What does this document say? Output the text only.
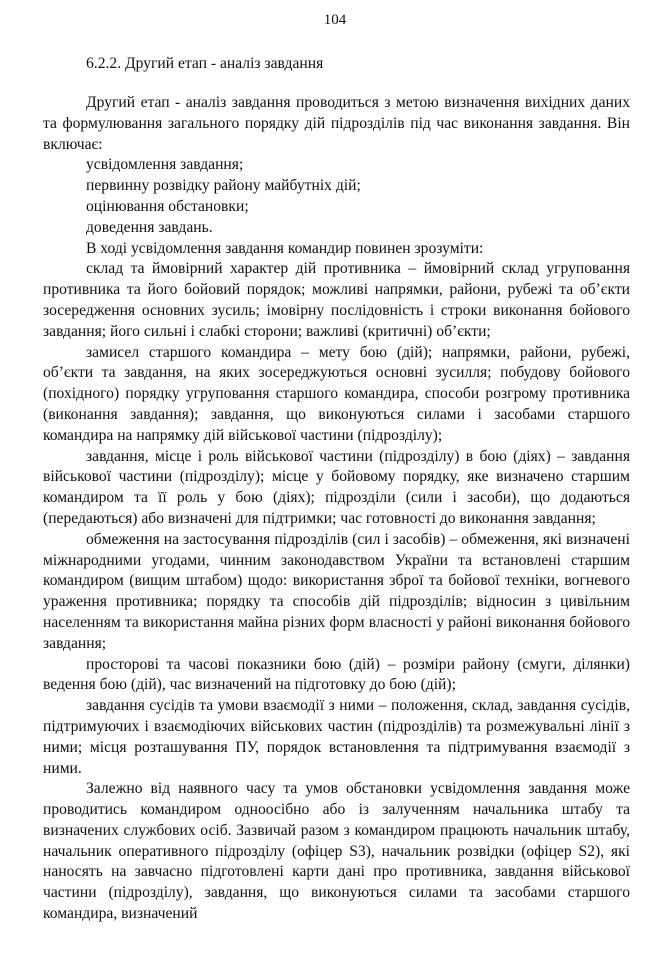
104
6.2.2. Другий етап - аналіз завдання

Другий етап - аналіз завдання проводиться з метою визначення вихідних даних та формулювання загального порядку дій підрозділів під час виконання завдання. Він включає:

усвідомлення завдання;

первинну розвідку району майбутніх дій;

оцінювання обстановки;

доведення завдань.

В ході усвідомлення завдання командир повинен зрозуміти:

склад та ймовірний характер дій противника – ймовірний склад угруповання противника та його бойовий порядок; можливі напрямки, райони, рубежі та об’єкти зосередження основних зусиль; імовірну послідовність і строки виконання бойового завдання; його сильні і слабкі сторони; важливі (критичні) об’єкти;

замисел старшого командира – мету бою (дій); напрямки, райони, рубежі, об’єкти та завдання, на яких зосереджуються основні зусилля; побудову бойового (похідного) порядку угруповання старшого командира, способи розгрому противника (виконання завдання); завдання, що виконуються силами і засобами старшого командира на напрямку дій військової частини (підрозділу);

завдання, місце і роль військової частини (підрозділу) в бою (діях) – завдання військової частини (підрозділу); місце у бойовому порядку, яке визначено старшим командиром та її роль у бою (діях); підрозділи (сили і засоби), що додаються (передаються) або визначені для підтримки; час готовності до виконання завдання;

обмеження на застосування підрозділів (сил і засобів) – обмеження, які визначені міжнародними угодами, чинним законодавством України та встановлені старшим командиром (вищим штабом) щодо: використання зброї та бойової техніки, вогневого ураження противника; порядку та способів дій підрозділів; відносин з цивільним населенням та використання майна різних форм власності у районі виконання бойового завдання;

просторові та часові показники бою (дій) – розміри району (смуги, ділянки) ведення бою (дій), час визначений на підготовку до бою (дій);

завдання сусідів та умови взаємодії з ними – положення, склад, завдання сусідів, підтримуючих і взаємодіючих військових частин (підрозділів) та розмежувальні лінії з ними; місця розташування ПУ, порядок встановлення та підтримування взаємодії з ними.

Залежно від наявного часу та умов обстановки усвідомлення завдання може проводитись командиром одноосібно або із залученням начальника штабу та визначених службових осіб. Зазвичай разом з командиром працюють начальник штабу, начальник оперативного підрозділу (офіцер S3), начальник розвідки (офіцер S2), які наносять на завчасно підготовлені карти дані про противника, завдання військової частини (підрозділу), завдання, що виконуються силами та засобами старшого командира, визначений
